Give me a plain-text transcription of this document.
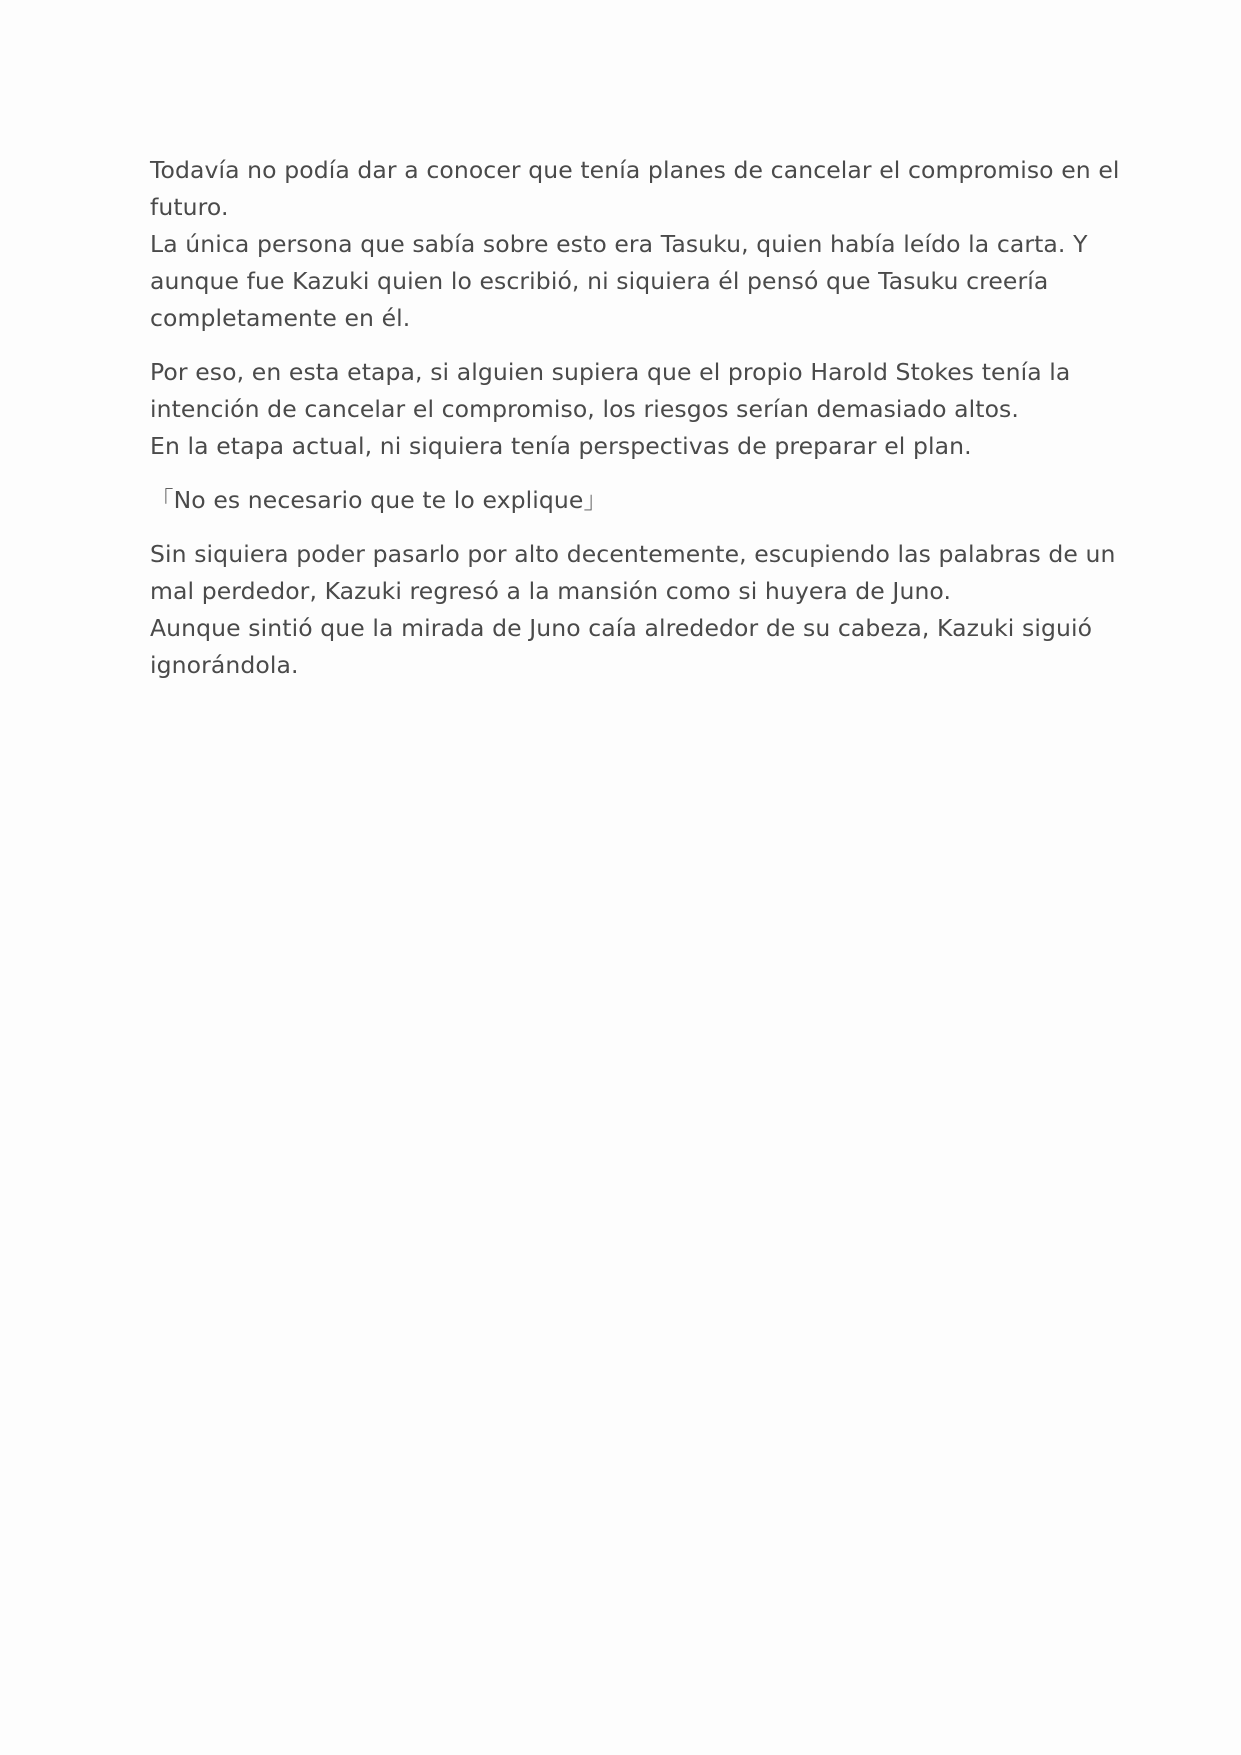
Todavía no podía dar a conocer que tenía planes de cancelar el compromiso en el
futuro.
La única persona que sabía sobre esto era Tasuku, quien había leído la carta. Y
aunque fue Kazuki quien lo escribió, ni siquiera él pensó que Tasuku creería
completamente en él.

Por eso, en esta etapa, si alguien supiera que el propio Harold Stokes tenía la
intención de cancelar el compromiso, los riesgos serían demasiado altos.
En la etapa actual, ni siquiera tenía perspectivas de preparar el plan.

「No es necesario que te lo explique」

Sin siquiera poder pasarlo por alto decentemente, escupiendo las palabras de un
mal perdedor, Kazuki regresó a la mansión como si huyera de Juno.
Aunque sintió que la mirada de Juno caía alrededor de su cabeza, Kazuki siguió
ignorándola.
